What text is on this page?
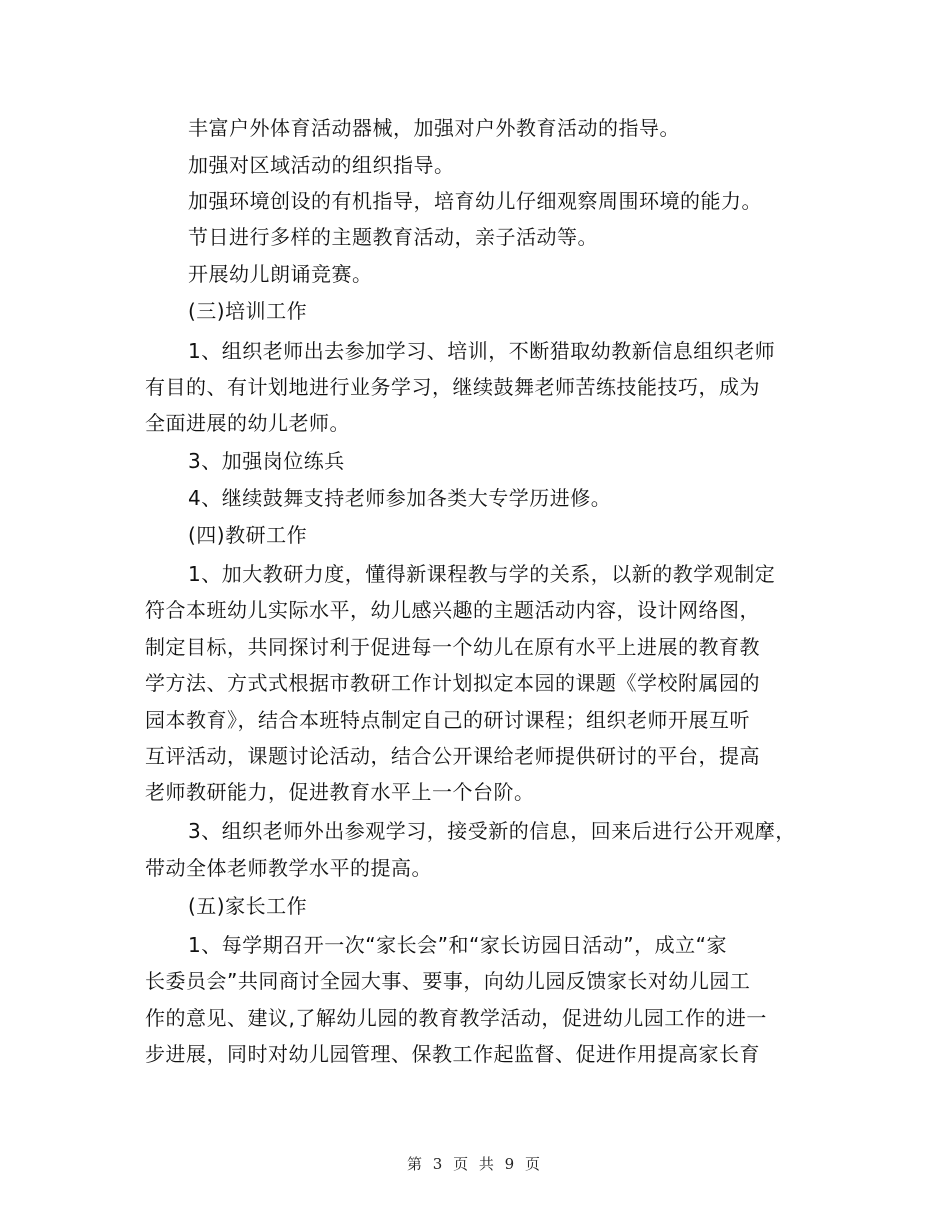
丰富户外体育活动器械，加强对户外教育活动的指导。
加强对区域活动的组织指导。
加强环境创设的有机指导，培育幼儿仔细观察周围环境的能力。
节日进行多样的主题教育活动，亲子活动等。
开展幼儿朗诵竞赛。
(三)培训工作
1、组织老师出去参加学习、培训，不断猎取幼教新信息组织老师
有目的、有计划地进行业务学习，继续鼓舞老师苦练技能技巧，成为
全面进展的幼儿老师。
3、加强岗位练兵
4、继续鼓舞支持老师参加各类大专学历进修。
(四)教研工作
1、加大教研力度，懂得新课程教与学的关系，以新的教学观制定
符合本班幼儿实际水平，幼儿感兴趣的主题活动内容，设计网络图，
制定目标，共同探讨利于促进每一个幼儿在原有水平上进展的教育教
学方法、方式式根据市教研工作计划拟定本园的课题《学校附属园的
园本教育》，结合本班特点制定自己的研讨课程；组织老师开展互听
互评活动，课题讨论活动，结合公开课给老师提供研讨的平台，提高
老师教研能力，促进教育水平上一个台阶。
3、组织老师外出参观学习，接受新的信息，回来后进行公开观摩，
带动全体老师教学水平的提高。
(五)家长工作
1、每学期召开一次“家长会”和“家长访园日活动”，成立“家
长委员会”共同商讨全园大事、要事，向幼儿园反馈家长对幼儿园工
作的意见、建议,了解幼儿园的教育教学活动，促进幼儿园工作的进一
步进展，同时对幼儿园管理、保教工作起监督、促进作用提高家长育
第 3 页 共 9 页
